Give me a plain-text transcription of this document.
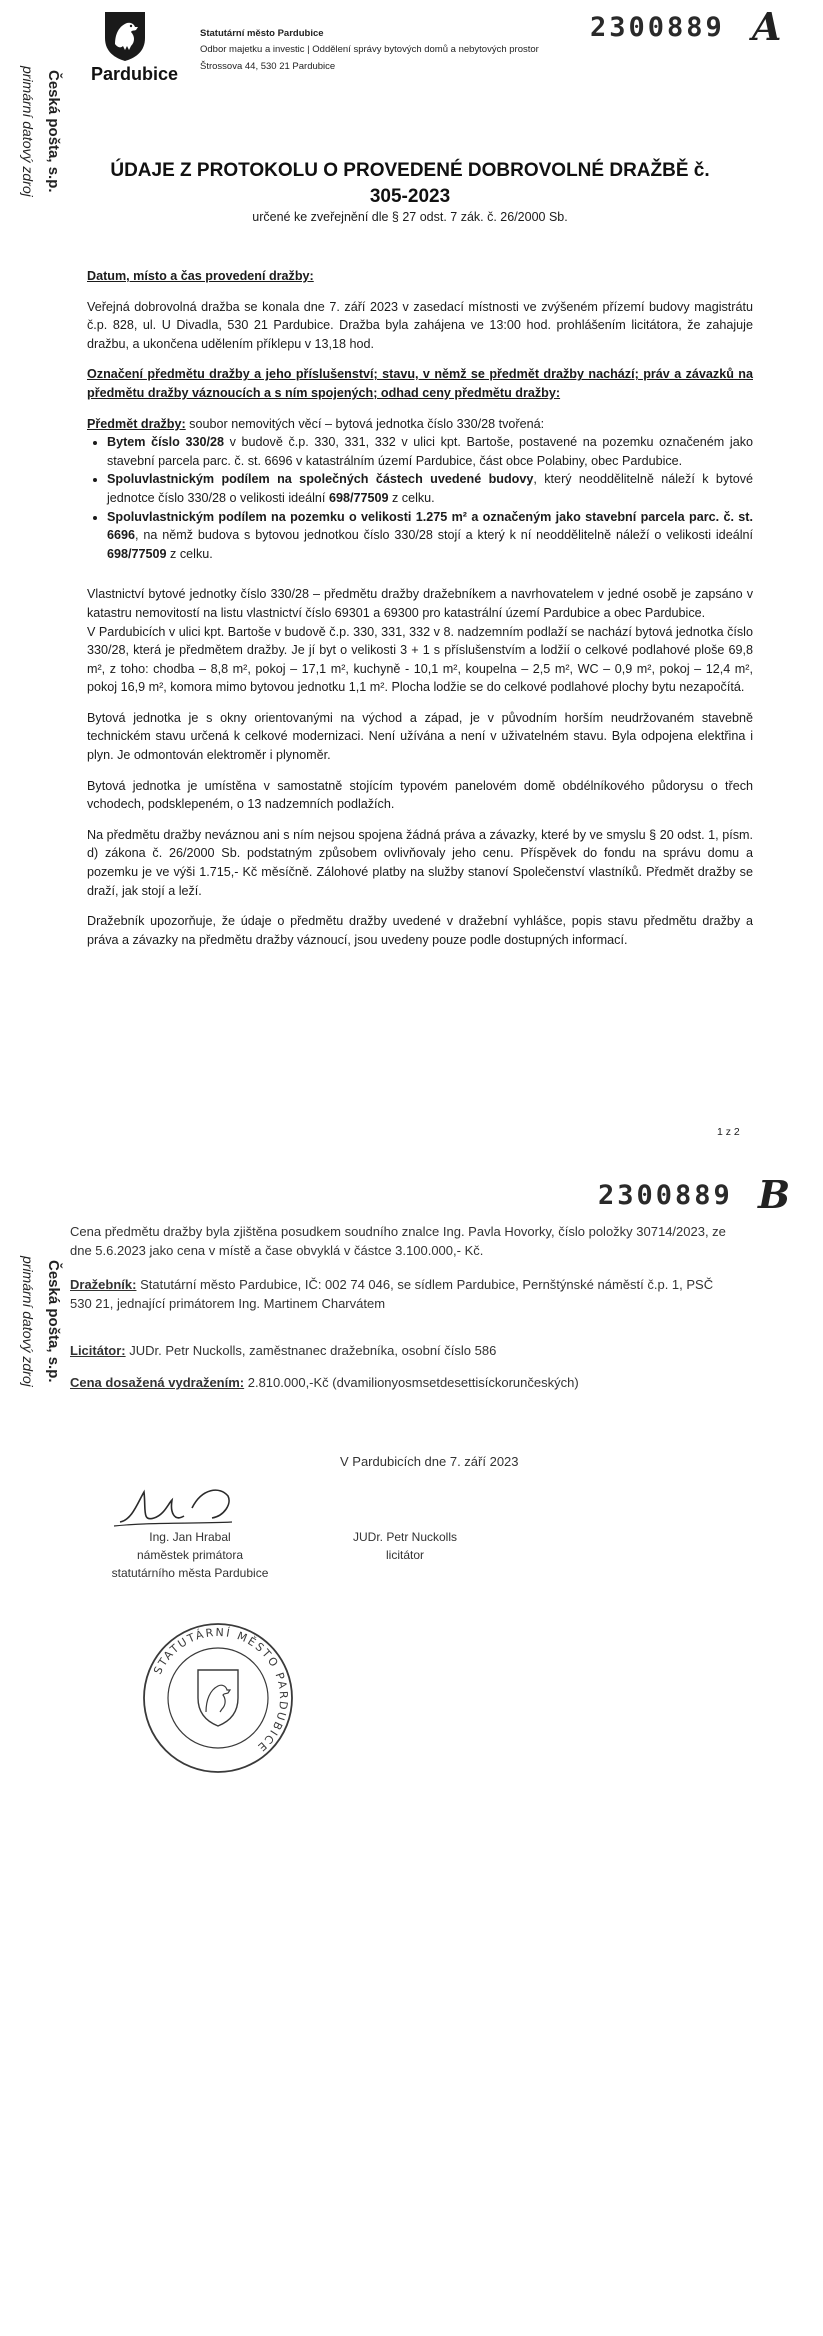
Pardubice
Statutární město Pardubice
Odbor majetku a investic | Oddělení správy bytových domů a nebytových prostor
Štrossova 44, 530 21 Pardubice
2300889 A
Česká pošta, s.p.
primární datový zdroj	ÚDAJE Z PROTOKOLU O PROVEDENÉ DOBROVOLNÉ DRAŽBĚ č.
305-2023
určené ke zveřejnění dle § 27 odst. 7 zák. č. 26/2000 Sb.

Datum, místo a čas provedení dražby:

Veřejná dobrovolná dražba se konala dne 7. září 2023 v zasedací místnosti ve zvýšeném přízemí budovy magistrátu č.p. 828, ul. U Divadla, 530 21 Pardubice. Dražba byla zahájena ve 13:00 hod. prohlášením licitátora, že zahajuje dražbu, a ukončena udělením příklepu v 13,18 hod.

Označení předmětu dražby a jeho příslušenství; stavu, v němž se předmět dražby nachází; práv a závazků na předmětu dražby váznoucích a s ním spojených; odhad ceny předmětu dražby:

Předmět dražby: soubor nemovitých věcí – bytová jednotka číslo 330/28 tvořená:

• Bytem číslo 330/28 v budově č.p. 330, 331, 332 v ulici kpt. Bartoše, postavené na pozemku označeném jako stavební parcela parc. č. st. 6696 v katastrálním území Pardubice, část obce Polabiny, obec Pardubice.
• Spoluvlastnickým podílem na společných částech uvedené budovy, který neoddělitelně náleží k bytové jednotce číslo 330/28 o velikosti ideální 698/77509 z celku.
• Spoluvlastnickým podílem na pozemku o velikosti 1.275 m² a označeným jako stavební parcela parc. č. st. 6696, na němž budova s bytovou jednotkou číslo 330/28 stojí a který k ní neoddělitelně náleží o velikosti ideální 698/77509 z celku.

Vlastnictví bytové jednotky číslo 330/28 – předmětu dražby dražebníkem a navrhovatelem v jedné osobě je zapsáno v katastru nemovitostí na listu vlastnictví číslo 69301 a 69300 pro katastrální území Pardubice a obec Pardubice.

V Pardubicích v ulici kpt. Bartoše v budově č.p. 330, 331, 332 v 8. nadzemním podlaží se nachází bytová jednotka číslo 330/28, která je předmětem dražby. Je jí byt o velikosti 3 + 1 s příslušenstvím a lodžií o celkové podlahové ploše 69,8 m², z toho: chodba – 8,8 m², pokoj – 17,1 m², kuchyně - 10,1 m², koupelna – 2,5 m², WC – 0,9 m², pokoj – 12,4 m², pokoj 16,9 m², komora mimo bytovou jednotku 1,1 m². Plocha lodžie se do celkové podlahové plochy bytu nezapočítá.

Bytová jednotka je s okny orientovanými na východ a západ, je v původním horším neudržovaném stavebně technickém stavu určená k celkové modernizaci. Není užívána a není v uživatelném stavu. Byla odpojena elektřina i plyn. Je odmontován elektroměr i plynoměr.

Bytová jednotka je umístěna v samostatně stojícím typovém panelovém domě obdélníkového půdorysu o třech vchodech, podsklepeném, o 13 nadzemních podlažích.

Na předmětu dražby neváznou ani s ním nejsou spojena žádná práva a závazky, které by ve smyslu § 20 odst. 1, písm. d) zákona č. 26/2000 Sb. podstatným způsobem ovlivňovaly jeho cenu. Příspěvek do fondu na správu domu a pozemku je ve výši 1.715,- Kč měsíčně. Zálohové platby na služby stanoví Společenství vlastníků. Předmět dražby se draží, jak stojí a leží.

Dražebník upozorňuje, že údaje o předmětu dražby uvedené v dražební vyhlášce, popis stavu předmětu dražby a práva a závazky na předmětu dražby váznoucí, jsou uvedeny pouze podle dostupných informací.

1 z 2
2300889 B
Česká pošta, s.p.
primární datový zdroj
Cena předmětu dražby byla zjištěna posudkem soudního znalce Ing. Pavla Hovorky, číslo položky 30714/2023, ze dne 5.6.2023 jako cena v místě a čase obvyklá v částce 3.100.000,- Kč.
Dražebník: Statutární město Pardubice, IČ: 002 74 046, se sídlem Pardubice, Pernštýnské náměstí č.p. 1, PSČ 530 21, jednající primátorem Ing. Martinem Charvátem
Licitátor: JUDr. Petr Nuckolls, zaměstnanec dražebníka, osobní číslo 586
Cena dosažená vydražením: 2.810.000,-Kč (dvamilionyosmsetdesettisíckorunčeských)
V Pardubicích dne 7. září 2023
Ing. Jan Hrabal
náměstek primátora
statutárního města Pardubice
JUDr. Petr Nuckolls
licitátor
STATUTÁRNÍ MĚSTO PARDUBICE
